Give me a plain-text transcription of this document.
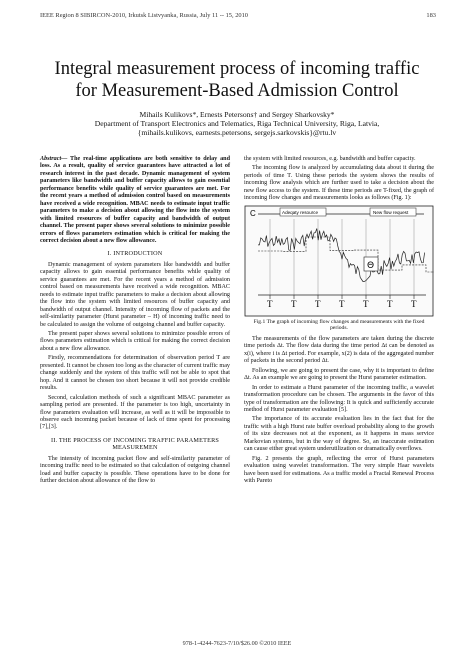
IEEE Region 8 SIBIRCON-2010, Irkutsk Listvyanka, Russia, July 11 -- 15, 2010	183
Integral measurement process of incoming traffic
for Measurement-Based Admission Control
Mihails Kulikovs*, Ernests Petersons† and Sergey Sharkovsky*
Department of Transport Electronics and Telematics, Riga Technical University, Riga, Latvia,
{mihails.kulikovs, earnests.petersons, sergejs.sarkovskis}@rtu.lv

Abstract— The real-time applications are both sensitive to delay and loss. As a result, quality of service guarantees have attracted a lot of research interest in the past decade. Dynamic management of system parameters like bandwidth and buffer capacity allows to gain essential performance benefits while quality of service guarantees are met. For the recent years a method of admission control based on measurements have received a wide recognition. MBAC needs to estimate input traffic parameters to make a decision about allowing the flow into the system with limited resources of buffer capacity and bandwidth of output channel. The present paper shows several solutions to minimize possible errors of flows parameters estimation which is critical for making the correct decision about a new flow allowance.

I. INTRODUCTION

Dynamic management of system parameters like bandwidth and buffer capacity allows to gain essential performance benefits while quality of service guarantees are met. For the recent years a method of admission control based on measurements have received a wide recognition. MBAC needs to estimate input traffic parameters to make a decision about allowing the flow into the system with limited resources of buffer capacity and bandwidth of output channel. Intensity of incoming flow of packets and the self-similarity parameter (Hurst parameter – H) of incoming traffic need to be calculated to assign the volume of outgoing channel and buffer capacity.

The present paper shows several solutions to minimize possible errors of flows parameters estimation which is critical for making the correct decision about a new flow allowance.

Firstly, recommendations for determination of observation period T are presented. It cannot be chosen too long as the character of current traffic may change suddenly and the system of this traffic will not be able to spot that hop. And it cannot be chosen too short because it will not provide credible results.

Second, calculation methods of such a significant MBAC parameter as sampling period are presented. If the parameter is too high, uncertainty in flow parameters evaluation will increase, as well as it will be impossible to observe each incoming packet because of lack of time spent for processing [7],[3].

II. THE PROCESS OF INCOMING TRAFFIC PARAMETERS MEASUREMEN

The intensity of incoming packet flow and self-similarity parameter of incoming traffic need to be estimated so that calculation of outgoing channel load and buffer capacity is possible. These operations have to be done for further decision about allowance of the flow to

the system with limited resources, e.g. bandwidth and buffer capacity.

The incoming flow is analyzed by accumulating data about it during the periods of time T. Using these periods the system shows the results of incoming flow analysis which are further used to take a decision about the new flow access to the system. If these time periods are T-fixed, the graph of incoming flow changes and measurements looks as follows (Fig. 1):

C	Adeqaty resource	New flow request
Θ
T T T T T T T
Fig.1 The graph of incoming flow changes and measurements with the fixed periods.

The measurements of the flow parameters are taken during the discrete time periods Δt. The flow data during the time period Δt can be denoted as x(i), where i is Δt period. For example, x(2) is data of the aggregated number of packets in the second period Δt.

Following, we are going to present the case, why it is important to define Δt. As an example we are going to present the Hurst parameter estimation.

In order to estimate a Hurst parameter of the incoming traffic, a wavelet transformation procedure can be chosen. The arguments in the favor of this type of transformation are the following: It is quick and sufficiently accurate method of Hurst parameter evaluation [5].

The importance of its accurate evaluation lies in the fact that for the traffic with a high Hurst rate buffer overload probability along to the growth of its size decreases not at the exponent, as it happens in mass service Markovian systems, but in the way of degree. So, an inaccurate estimation can cause either great system underutilization or dramatically overflows.

Fig. 2 presents the graph, reflecting the error of Hurst parameters evaluation using wavelet transformation. The very simple Haar wavelets have been used for estimations. As a traffic model a Fractal Renewal Process with Pareto

978-1-4244-7623-7/10/$26.00 ©2010 IEEE
